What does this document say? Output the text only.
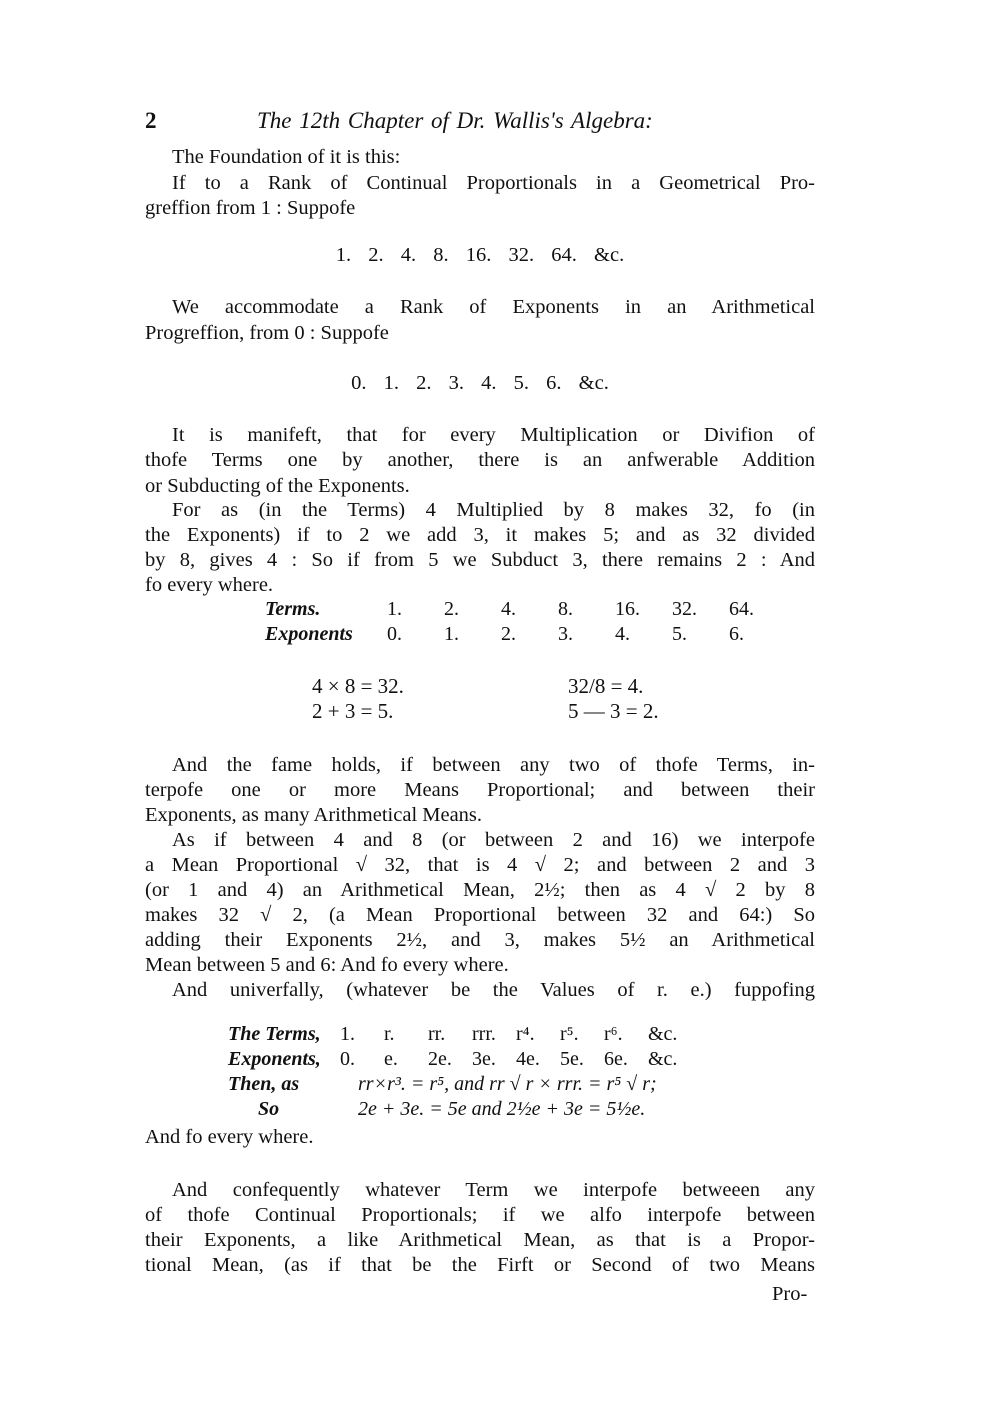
2	The 12th Chapter of Dr. Wallis's Algebra:
The Foundation of it is this:
If to a Rank of Continual Proportionals in a Geometrical Pro-
greffion from 1 : Suppofe
1. 2. 4. 8. 16. 32. 64. &c.
We accommodate a Rank of Exponents in an Arithmetical
Progreffion, from 0 : Suppofe
0. 1. 2. 3. 4. 5. 6. &c.
It is manifeft, that for every Multiplication or Divifion of
thofe Terms one by another, there is an anfwerable Addition
or Subducting of the Exponents.
For as (in the Terms) 4 Multiplied by 8 makes 32, fo (in
the Exponents) if to 2 we add 3, it makes 5; and as 32 divided
by 8, gives 4 : So if from 5 we Subduct 3, there remains 2 : And
fo every where.
And the fame holds, if between any two of thofe Terms, in-
terpofe one or more Means Proportional; and between their
Exponents, as many Arithmetical Means.
As if between 4 and 8 (or between 2 and 16) we interpofe
a Mean Proportional √ 32, that is 4 √ 2; and between 2 and 3
(or 1 and 4) an Arithmetical Mean, 2½; then as 4 √ 2 by 8
makes 32 √ 2, (a Mean Proportional between 32 and 64:) So
adding their Exponents 2½, and 3, makes 5½ an Arithmetical
Mean between 5 and 6: And fo every where.
And univerfally, (whatever be the Values of r. e.) fuppofing
And fo every where.
And confequently whatever Term we interpofe betweeen any
of thofe Continual Proportionals; if we alfo interpofe between
their Exponents, a like Arithmetical Mean, as that is a Propor-
tional Mean, (as if that be the Firft or Second of two Means
Terms.	1.	2.	4.	8.	16.	32.	64.
Exponents	0.	1.	2.	3.	4.	5.	6.
4 × 8 = 32.	32/8 = 4.
2 + 3 = 5.	5 — 3 = 2.
The Terms, 1.	r.	rr.	rrr.	r⁴.	r⁵.	r⁶.	&c.
Exponents, 0.	e.	2e.	3e.	4e.	5e.	6e.	&c.
Then, as	rr×r³. = r⁵, and rr √ r × rrr. = r⁵ √ r;
So	2e + 3e. = 5e and 2½e + 3e = 5½e.
Pro-
